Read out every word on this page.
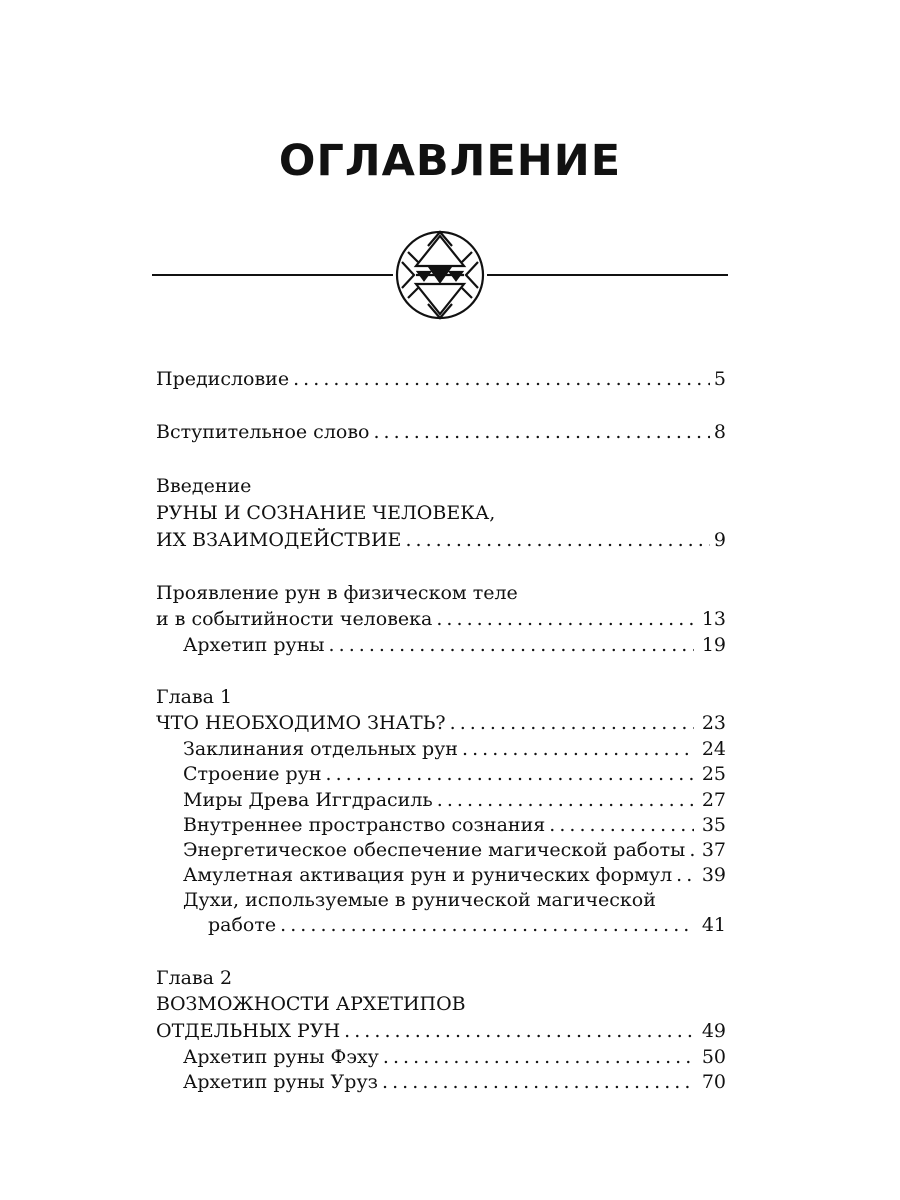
ОГЛАВЛЕНИЕ
Предисловие . . .	5
Вступительное слово . . .	8
Введение
РУНЫ И СОЗНАНИЕ ЧЕЛОВЕКА,
ИХ ВЗАИМОДЕЙСТВИЕ . . .	9
Проявление рун в физическом теле
и в событийности человека . . .	13
Архетип руны . . .	19
Глава 1
ЧТО НЕОБХОДИМО ЗНАТЬ? . . .	23
Заклинания отдельных рун . . .	24
Строение рун . . .	25
Миры Древа Иггдрасиль . . .	27
Внутреннее пространство сознания . . .	35
Энергетическое обеспечение магической работы . . . 37
Амулетная активация рун и рунических формул . . . 39
Духи, используемые в рунической магической
работе . . .	41
Глава 2
ВОЗМОЖНОСТИ АРХЕТИПОВ
ОТДЕЛЬНЫХ РУН . . .	49
Архетип руны Фэху . . .	50
Архетип руны Уруз . . .	70
